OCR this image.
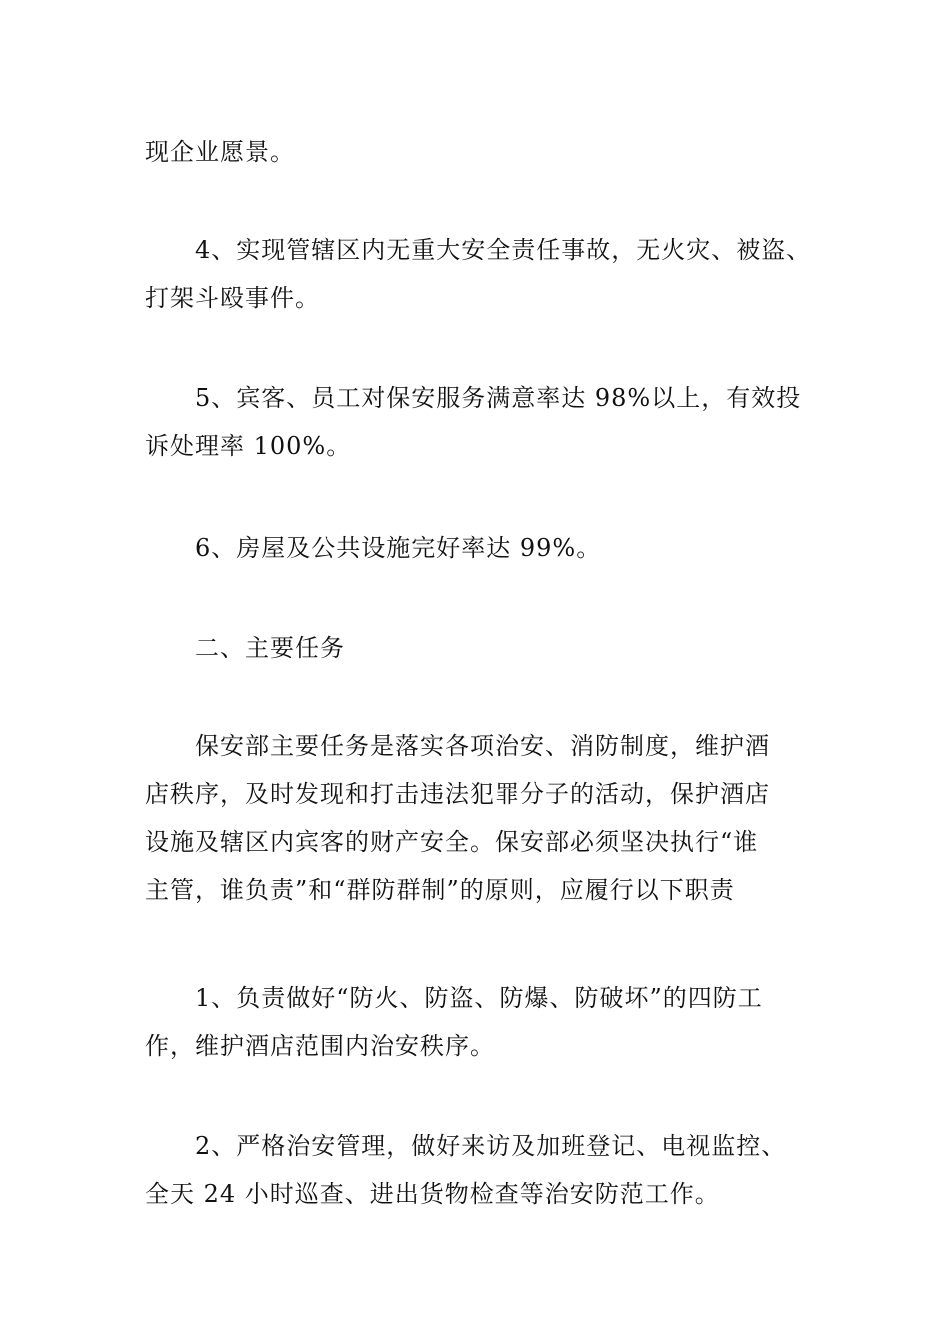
现企业愿景。

4、实现管辖区内无重大安全责任事故，无火灾、被盗、
打架斗殴事件。

5、宾客、员工对保安服务满意率达 98%以上，有效投
诉处理率 100%。

6、房屋及公共设施完好率达 99%。

二、主要任务

保安部主要任务是落实各项治安、消防制度，维护酒
店秩序，及时发现和打击违法犯罪分子的活动，保护酒店
设施及辖区内宾客的财产安全。保安部必须坚决执行“谁
主管，谁负责”和“群防群制”的原则，应履行以下职责

1、负责做好“防火、防盗、防爆、防破坏”的四防工
作，维护酒店范围内治安秩序。

2、严格治安管理，做好来访及加班登记、电视监控、
全天 24 小时巡查、进出货物检查等治安防范工作。
